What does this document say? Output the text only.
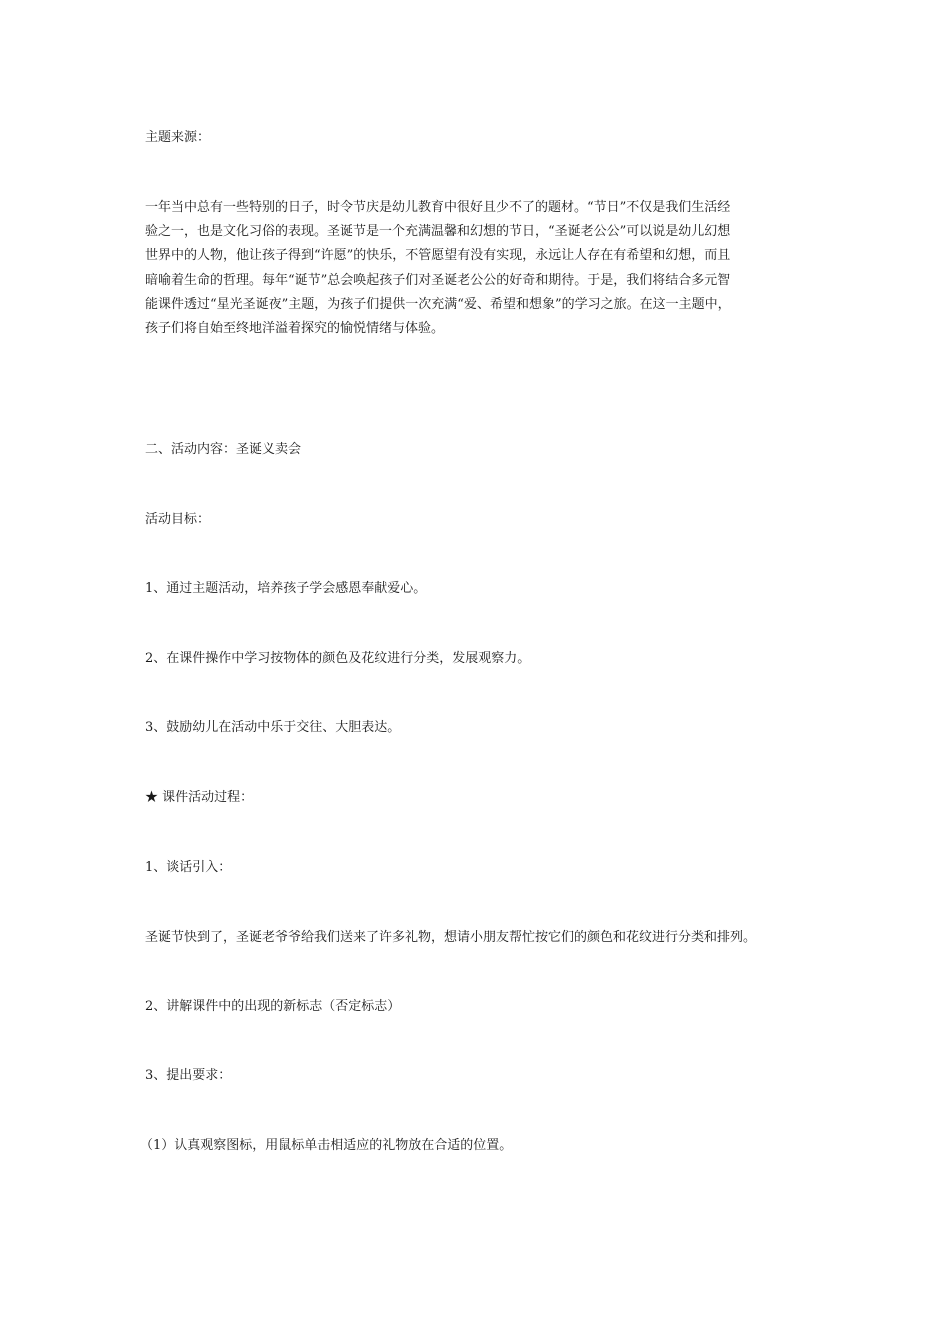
主题来源：

一年当中总有一些特别的日子，时令节庆是幼儿教育中很好且少不了的题材。“节日”不仅是我们生活经
验之一，也是文化习俗的表现。圣诞节是一个充满温馨和幻想的节日，“圣诞老公公”可以说是幼儿幻想
世界中的人物，他让孩子得到“许愿”的快乐，不管愿望有没有实现，永远让人存在有希望和幻想，而且
暗喻着生命的哲理。每年“诞节”总会唤起孩子们对圣诞老公公的好奇和期待。于是，我们将结合多元智
能课件透过“星光圣诞夜”主题，为孩子们提供一次充满“爱、希望和想象”的学习之旅。在这一主题中，
孩子们将自始至终地洋溢着探究的愉悦情绪与体验。

二、活动内容：圣诞义卖会

活动目标：

1、通过主题活动，培养孩子学会感恩奉献爱心。

2、在课件操作中学习按物体的颜色及花纹进行分类，发展观察力。

3、鼓励幼儿在活动中乐于交往、大胆表达。

★ 课件活动过程：

1、谈话引入：

圣诞节快到了，圣诞老爷爷给我们送来了许多礼物，想请小朋友帮忙按它们的颜色和花纹进行分类和排列。

2、讲解课件中的出现的新标志（否定标志）

3、提出要求：

（1）认真观察图标，用鼠标单击相适应的礼物放在合适的位置。
